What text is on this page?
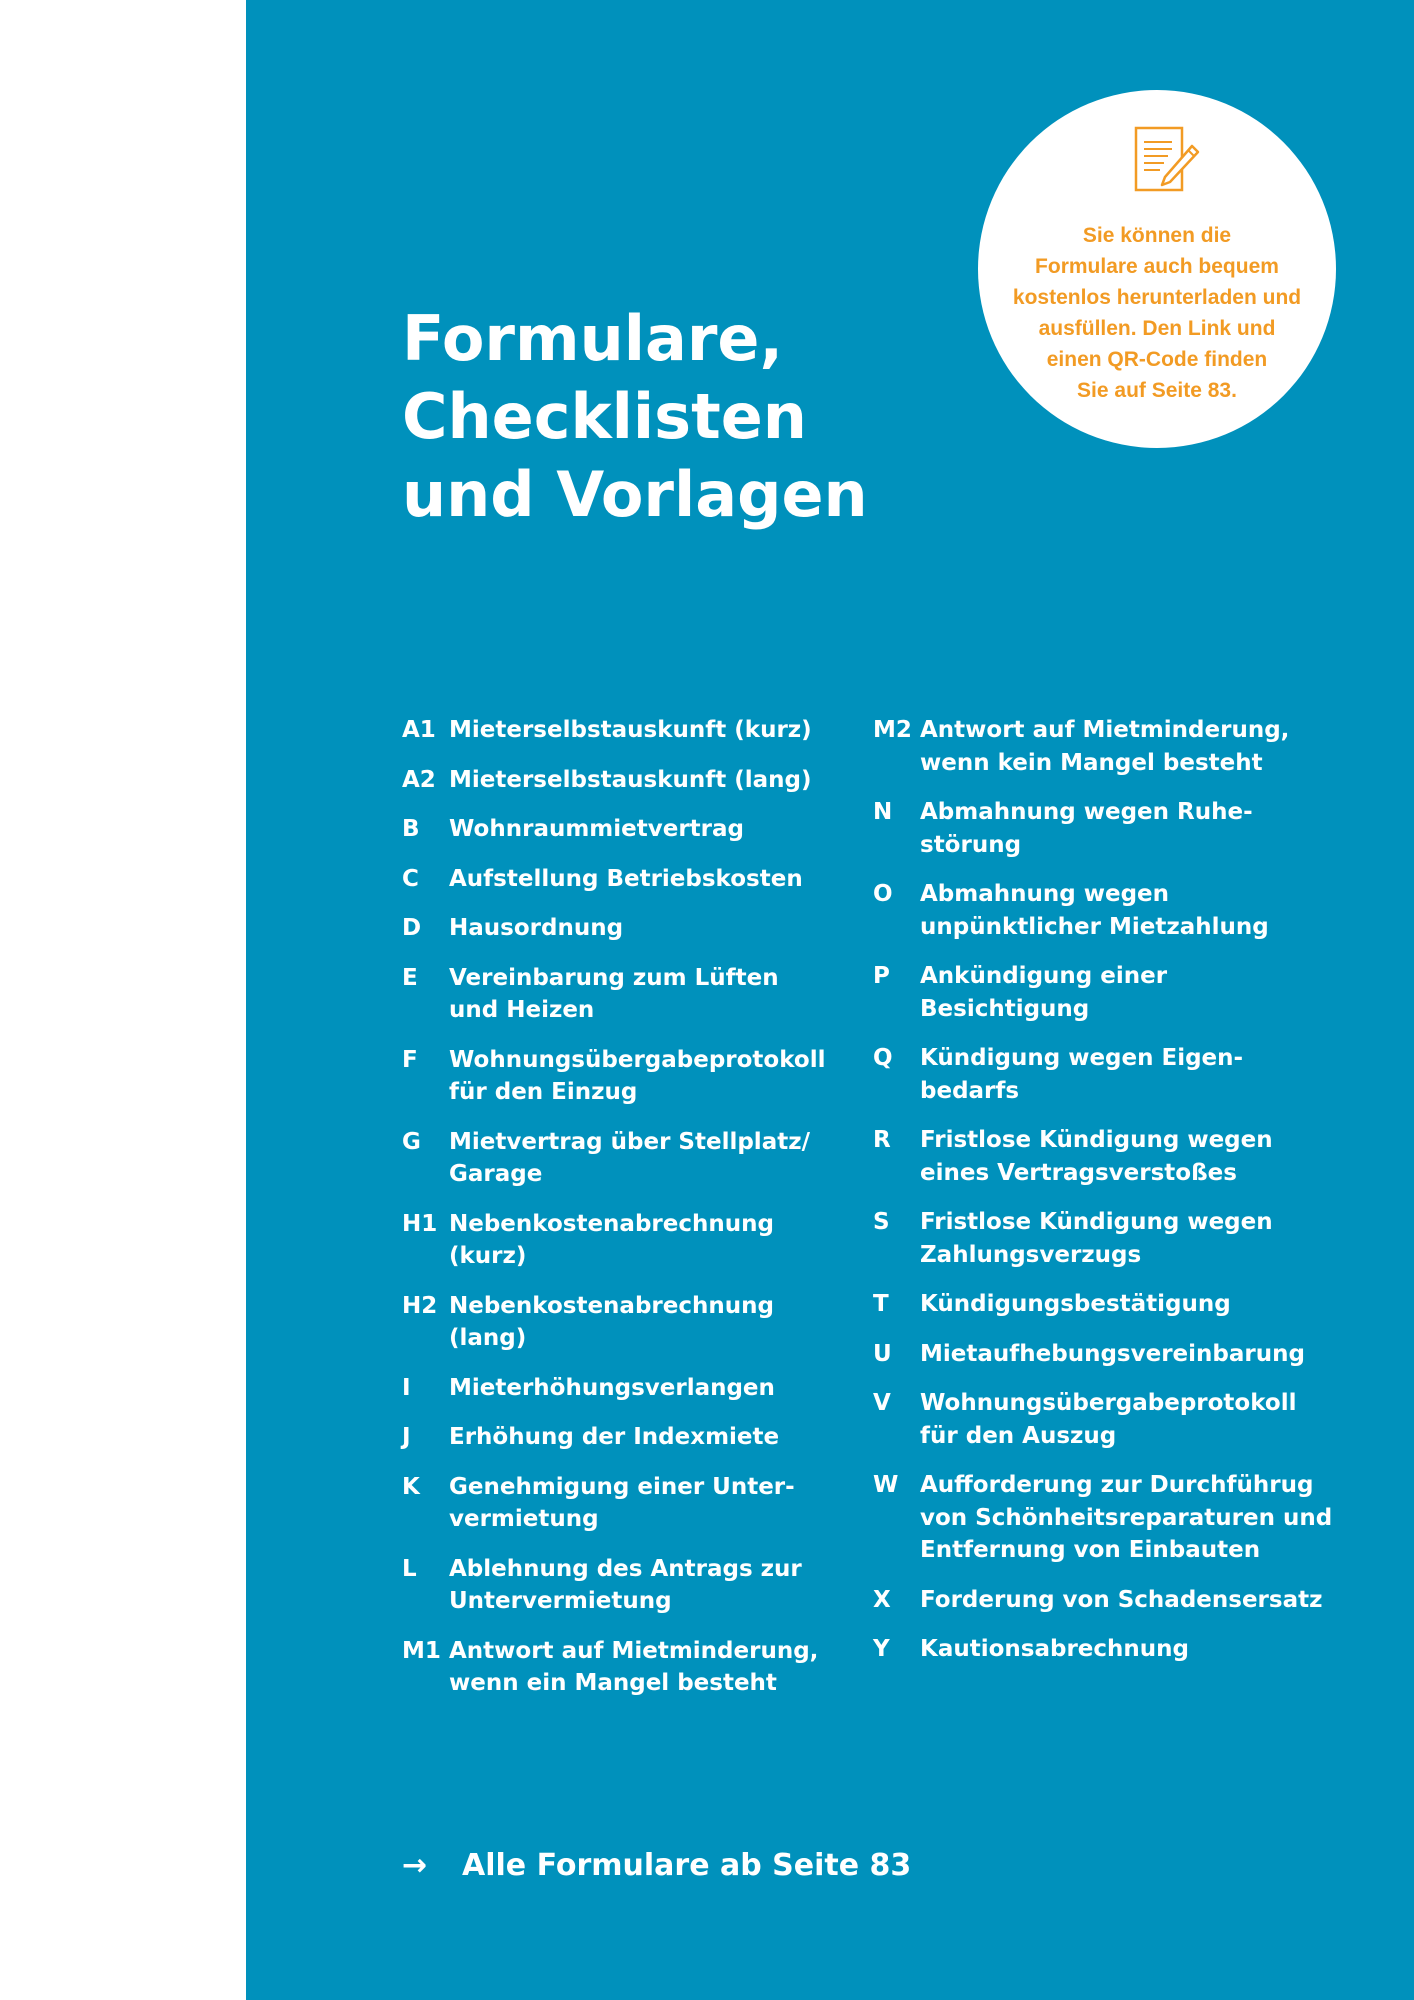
Formulare,
Checklisten
und Vorlagen
Sie können die
Formulare auch bequem
kostenlos herunterladen und
ausfüllen. Den Link und
einen QR-Code finden
Sie auf Seite 83.
A1 Mieterselbstauskunft (kurz)
A2 Mieterselbstauskunft (lang)
B	Wohnraummietvertrag
C	Aufstellung Betriebskosten
D	Hausordnung
E	Vereinbarung zum Lüften
und Heizen
F	Wohnungsübergabeprotokoll
für den Einzug
G	Mietvertrag über Stellplatz/
Garage
H1 Nebenkostenabrechnung
(kurz)
H2 Nebenkostenabrechnung
(lang)
I	Mieterhöhungsverlangen
J	Erhöhung der Indexmiete
K	Genehmigung einer Unter-
vermietung
L	Ablehnung des Antrags zur
Untervermietung
M1 Antwort auf Mietminderung,
wenn ein Mangel besteht
M2 Antwort auf Mietminderung,
wenn kein Mangel besteht
N	Abmahnung wegen Ruhe-
störung
O	Abmahnung wegen
unpünktlicher Mietzahlung
P	Ankündigung einer
Besichtigung
Q	Kündigung wegen Eigen-
bedarfs
R	Fristlose Kündigung wegen
eines Vertragsverstoßes
S	Fristlose Kündigung wegen
Zahlungsverzugs
T	Kündigungsbestätigung
U	Mietaufhebungsvereinbarung
V	Wohnungsübergabeprotokoll
für den Auszug
W Aufforderung zur Durchführug
von Schönheitsreparaturen und
Entfernung von Einbauten
X	Forderung von Schadensersatz
Y	Kautionsabrechnung
→	Alle Formulare ab Seite 83
